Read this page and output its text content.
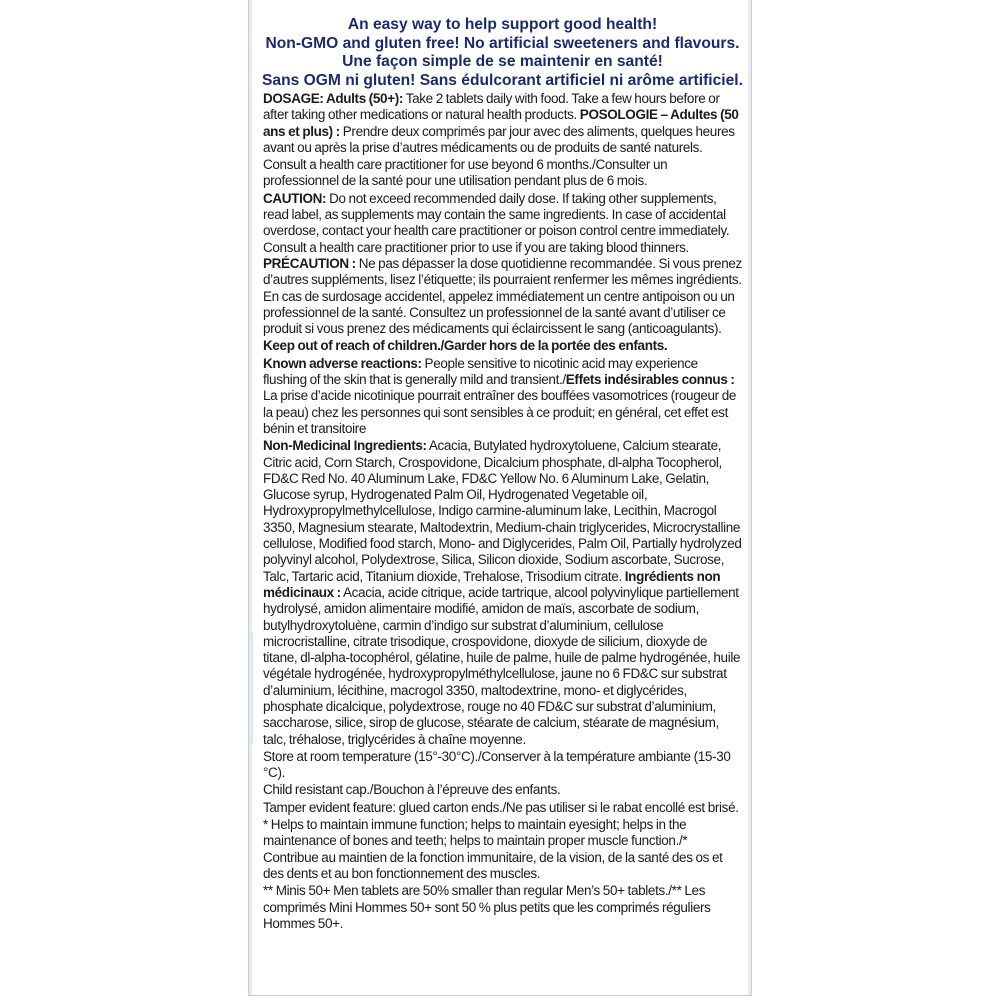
An easy way to help support good health!

Non-GMO and gluten free! No artificial sweeteners and flavours.

Une façon simple de se maintenir en santé!

Sans OGM ni gluten! Sans édulcorant artificiel ni arôme artificiel.

DOSAGE: Adults (50+): Take 2 tablets daily with food. Take a few hours before or after taking other medications or natural health products. POSOLOGIE – Adultes (50 ans et plus) : Prendre deux comprimés par jour avec des aliments, quelques heures avant ou après la prise d’autres médicaments ou de produits de santé naturels.

Consult a health care practitioner for use beyond 6 months./Consulter un professionnel de la santé pour une utilisation pendant plus de 6 mois.

CAUTION: Do not exceed recommended daily dose. If taking other supplements, read label, as supplements may contain the same ingredients. In case of accidental overdose, contact your health care practitioner or poison control centre immediately. Consult a health care practitioner prior to use if you are taking blood thinners. PRÉCAUTION : Ne pas dépasser la dose quotidienne recommandée. Si vous prenez d’autres suppléments, lisez l’étiquette; ils pourraient renfermer les mêmes ingrédients. En cas de surdosage accidentel, appelez immédiatement un centre antipoison ou un professionnel de la santé. Consultez un professionnel de la santé avant d’utiliser ce produit si vous prenez des médicaments qui éclaircissent le sang (anticoagulants).

Keep out of reach of children./Garder hors de la portée des enfants.

Known adverse reactions: People sensitive to nicotinic acid may experience flushing of the skin that is generally mild and transient./Effets indésirables connus : La prise d’acide nicotinique pourrait entraîner des bouffées vasomotrices (rougeur de la peau) chez les personnes qui sont sensibles à ce produit; en général, cet effet est bénin et transitoire

Non-Medicinal Ingredients: Acacia, Butylated hydroxytoluene, Calcium stearate, Citric acid, Corn Starch, Crospovidone, Dicalcium phosphate, dl-alpha Tocopherol, FD&C Red No. 40 Aluminum Lake, FD&C Yellow No. 6 Aluminum Lake, Gelatin, Glucose syrup, Hydrogenated Palm Oil, Hydrogenated Vegetable oil, Hydroxypropylmethylcellulose, Indigo carmine-aluminum lake, Lecithin, Macrogol 3350, Magnesium stearate, Maltodextrin, Medium-chain triglycerides, Microcrystalline cellulose, Modified food starch, Mono- and Diglycerides, Palm Oil, Partially hydrolyzed polyvinyl alcohol, Polydextrose, Silica, Silicon dioxide, Sodium ascorbate, Sucrose, Talc, Tartaric acid, Titanium dioxide, Trehalose, Trisodium citrate. Ingrédients non médicinaux : Acacia, acide citrique, acide tartrique, alcool polyvinylique partiellement hydrolysé, amidon alimentaire modifié, amidon de maïs, ascorbate de sodium, butylhydroxytoluène, carmin d’indigo sur substrat d’aluminium, cellulose microcristalline, citrate trisodique, crospovidone, dioxyde de silicium, dioxyde de titane, dl-alpha-tocophérol, gélatine, huile de palme, huile de palme hydrogénée, huile végétale hydrogénée, hydroxypropylméthylcellulose, jaune no 6 FD&C sur substrat d’aluminium, lécithine, macrogol 3350, maltodextrine, mono- et diglycérides, phosphate dicalcique, polydextrose, rouge no 40 FD&C sur substrat d’aluminium, saccharose, silice, sirop de glucose, stéarate de calcium, stéarate de magnésium, talc, tréhalose, triglycérides à chaîne moyenne.

Store at room temperature (15°-30°C)./Conserver à la température ambiante (15-30 °C).

Child resistant cap./Bouchon à l’épreuve des enfants.

Tamper evident feature: glued carton ends./Ne pas utiliser si le rabat encollé est brisé.

* Helps to maintain immune function; helps to maintain eyesight; helps in the maintenance of bones and teeth; helps to maintain proper muscle function./* Contribue au maintien de la fonction immunitaire, de la vision, de la santé des os et des dents et au bon fonctionnement des muscles.

** Minis 50+ Men tablets are 50% smaller than regular Men’s 50+ tablets./** Les comprimés Mini Hommes 50+ sont 50 % plus petits que les comprimés réguliers Hommes 50+.
